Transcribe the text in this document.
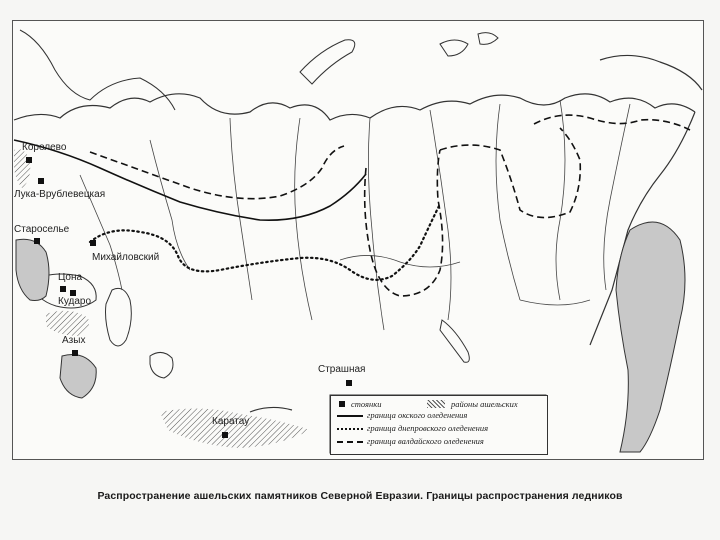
Королево
Лука-Врублевецкая
Староселье
Михайловский
Цона
Кударо
Азых
Страшная
Каратау
стоянки	районы ашельских
граница окского оледенения
граница днепровского оледенения
граница валдайского оледенения
Распространение ашельских памятников Северной Евразии. Границы распространения ледников
